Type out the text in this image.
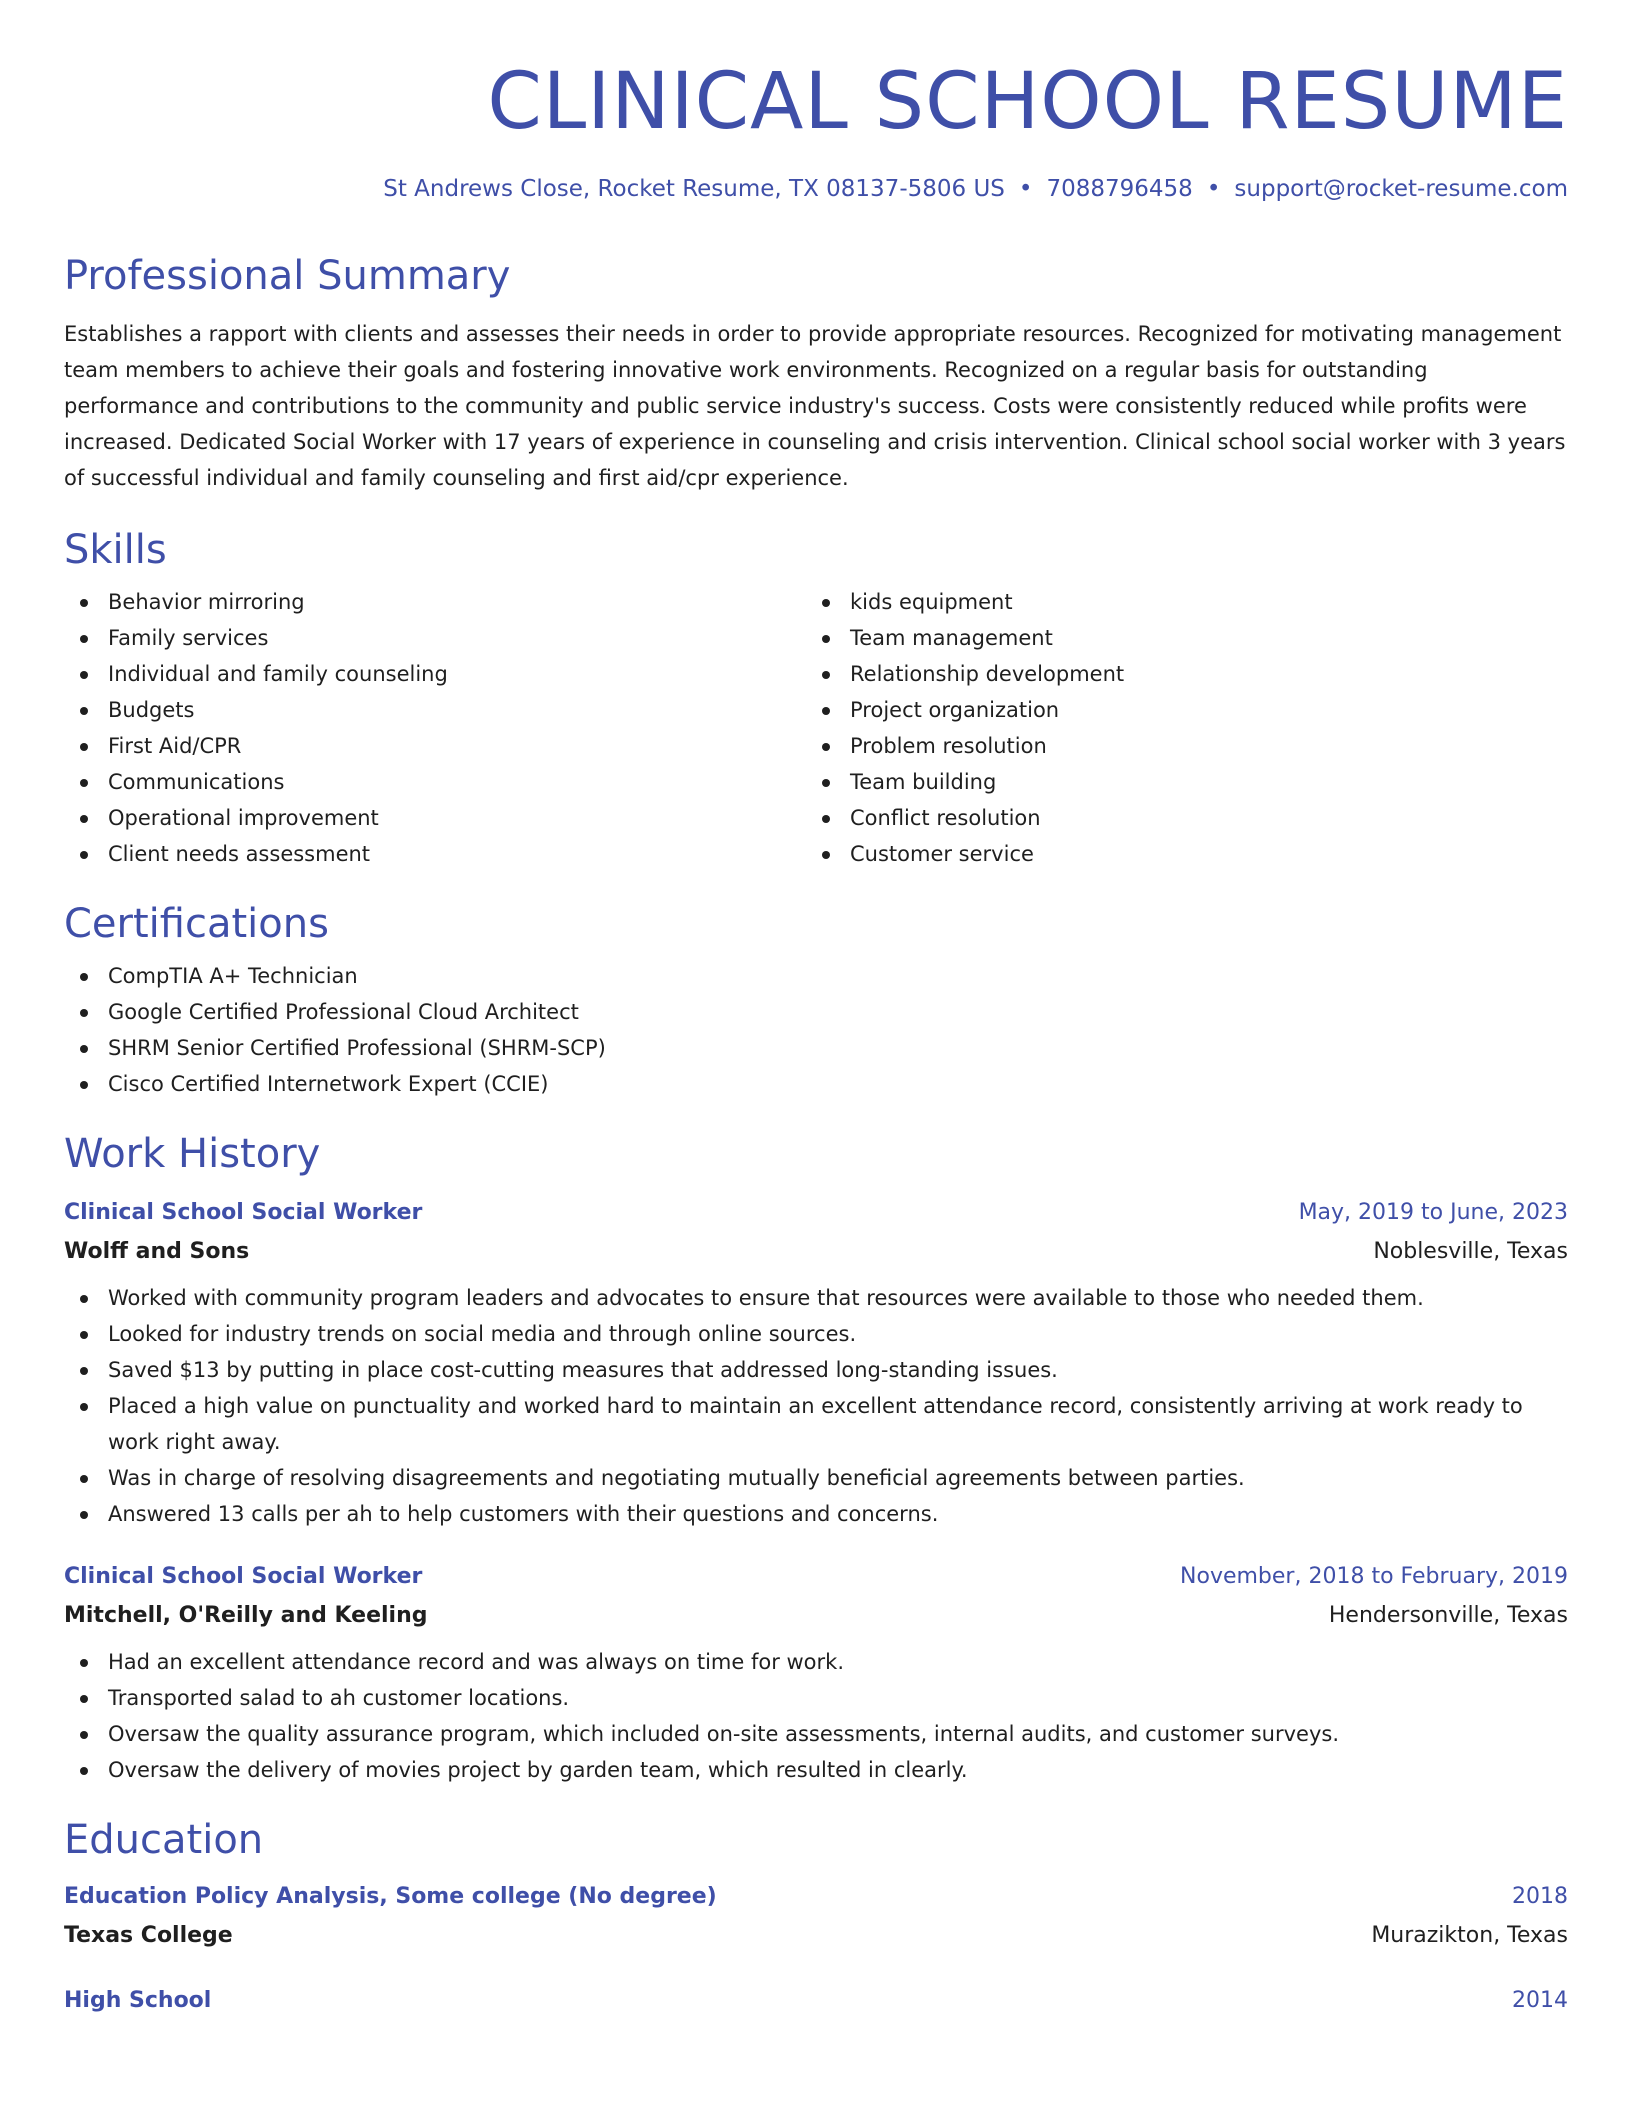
CLINICAL SCHOOL RESUME
St Andrews Close, Rocket Resume, TX 08137-5806 US • 7088796458 • support@rocket-resume.com
Professional Summary

Establishes a rapport with clients and assesses their needs in order to provide appropriate resources. Recognized for motivating management team members to achieve their goals and fostering innovative work environments. Recognized on a regular basis for outstanding performance and contributions to the community and public service industry's success. Costs were consistently reduced while profits were increased. Dedicated Social Worker with 17 years of experience in counseling and crisis intervention. Clinical school social worker with 3 years of successful individual and family counseling and first aid/cpr experience.

Skills
Behavior mirroring
Family services
Individual and family counseling
Budgets
First Aid/CPR
Communications
Operational improvement
Client needs assessment
kids equipment
Team management
Relationship development
Project organization
Problem resolution
Team building
Conflict resolution
Customer service
Certifications
CompTIA A+ Technician
Google Certified Professional Cloud Architect
SHRM Senior Certified Professional (SHRM-SCP)
Cisco Certified Internetwork Expert (CCIE)
Work History
Clinical School Social Worker	May, 2019 to June, 2023
Wolff and Sons	Noblesville, Texas
Worked with community program leaders and advocates to ensure that resources were available to those who needed them.
Looked for industry trends on social media and through online sources.
Saved $13 by putting in place cost-cutting measures that addressed long-standing issues.
Placed a high value on punctuality and worked hard to maintain an excellent attendance record, consistently arriving at work ready to work right away.
Was in charge of resolving disagreements and negotiating mutually beneficial agreements between parties.
Answered 13 calls per ah to help customers with their questions and concerns.
Clinical School Social Worker	November, 2018 to February, 2019
Mitchell, O'Reilly and Keeling	Hendersonville, Texas
Had an excellent attendance record and was always on time for work.
Transported salad to ah customer locations.
Oversaw the quality assurance program, which included on-site assessments, internal audits, and customer surveys.
Oversaw the delivery of movies project by garden team, which resulted in clearly.
Education
Education Policy Analysis, Some college (No degree)	2018
Texas College	Murazikton, Texas
High School	2014
